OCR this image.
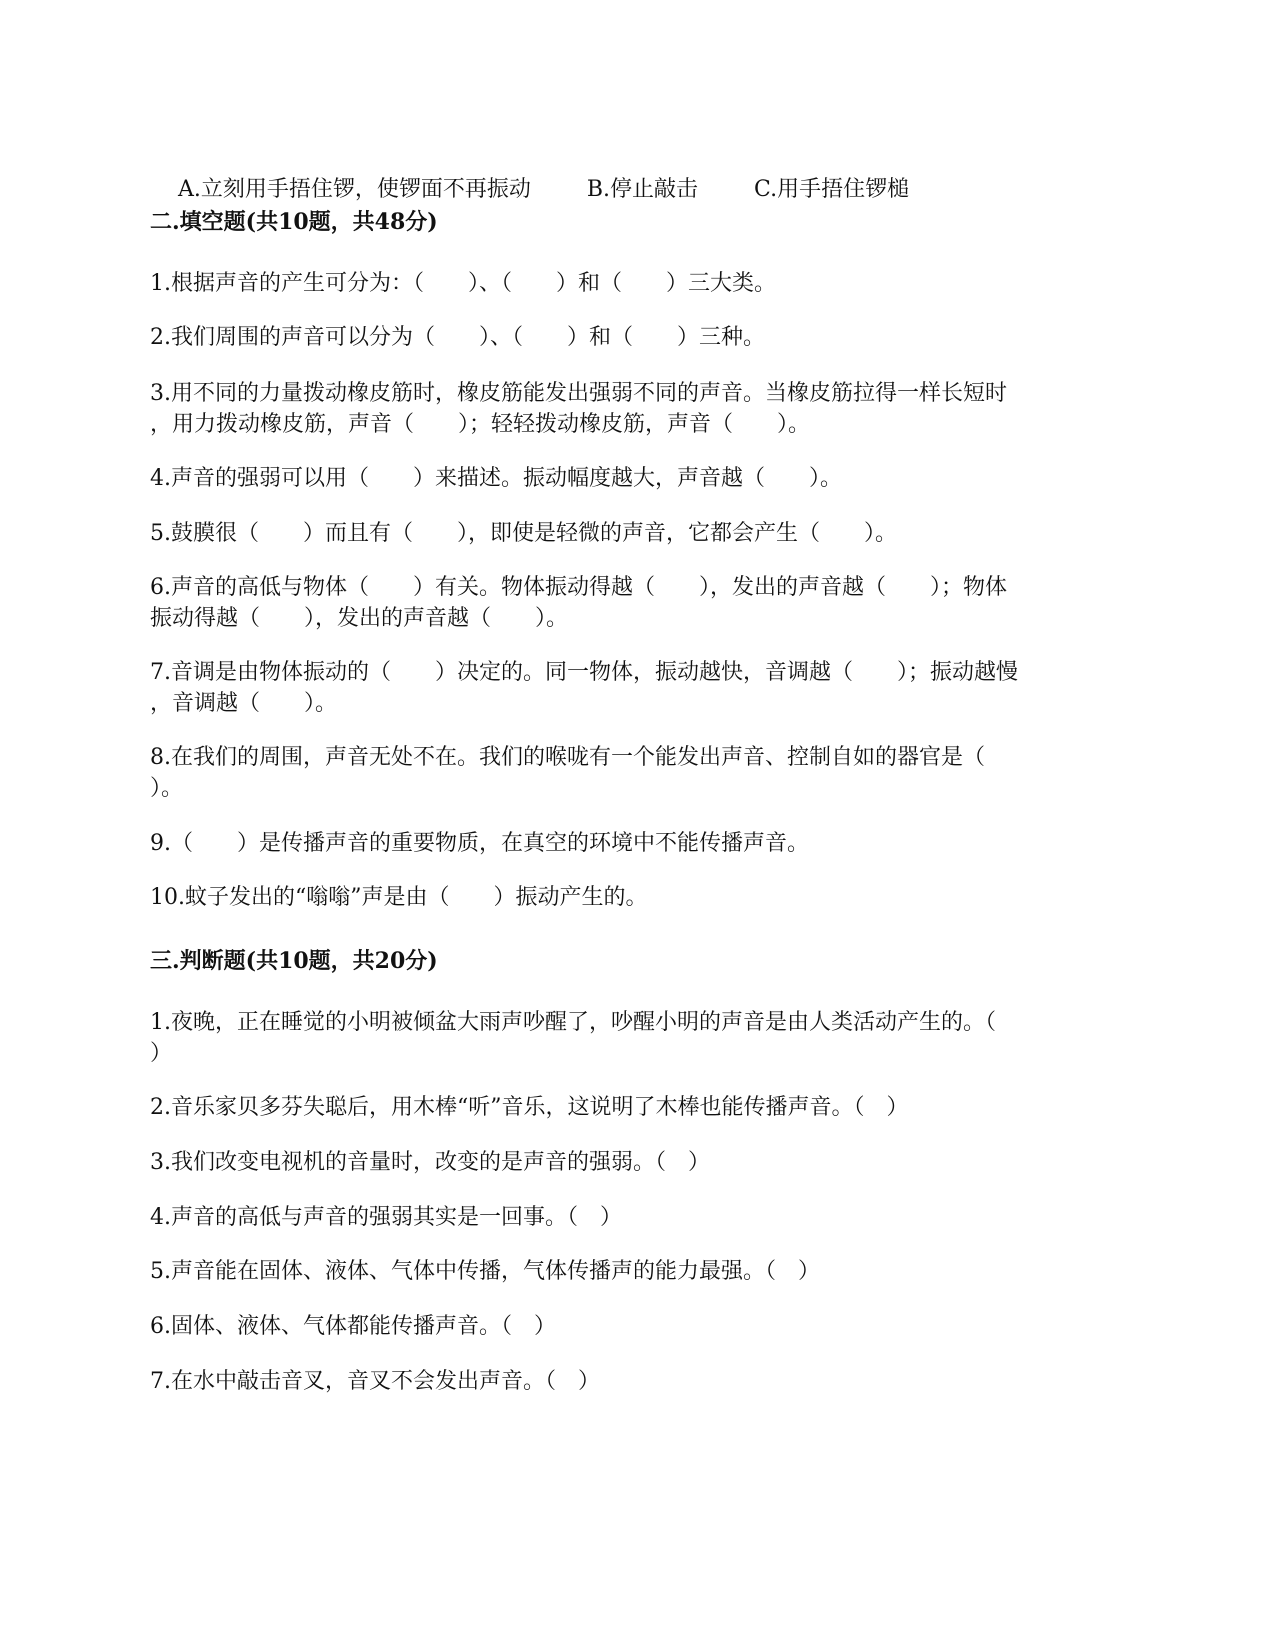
A.立刻用手捂住锣，使锣面不再振动	B.停止敲击	C.用手捂住锣槌

二.填空题(共10题，共48分)
1.根据声音的产生可分为：（　　）、（　　）和（　　）三大类。
2.我们周围的声音可以分为（　　）、（　　）和（　　）三种。
3.用不同的力量拨动橡皮筋时，橡皮筋能发出强弱不同的声音。当橡皮筋拉得一样长短时
，用力拨动橡皮筋，声音（　　）；轻轻拨动橡皮筋，声音（　　）。
4.声音的强弱可以用（　　）来描述。振动幅度越大，声音越（　　）。
5.鼓膜很（　　）而且有（　　），即使是轻微的声音，它都会产生（　　）。
6.声音的高低与物体（　　）有关。物体振动得越（　　），发出的声音越（　　）；物体
振动得越（　　），发出的声音越（　　）。
7.音调是由物体振动的（　　）决定的。同一物体，振动越快，音调越（　　）；振动越慢
，音调越（　　）。
8.在我们的周围，声音无处不在。我们的喉咙有一个能发出声音、控制自如的器官是（
）。
9.（　　）是传播声音的重要物质，在真空的环境中不能传播声音。
10.蚊子发出的“嗡嗡”声是由（　　）振动产生的。
三.判断题(共10题，共20分)
1.夜晚，正在睡觉的小明被倾盆大雨声吵醒了，吵醒小明的声音是由人类活动产生的。（
）
2.音乐家贝多芬失聪后，用木棒“听”音乐，这说明了木棒也能传播声音。（　）
3.我们改变电视机的音量时，改变的是声音的强弱。（　）
4.声音的高低与声音的强弱其实是一回事。（　）
5.声音能在固体、液体、气体中传播，气体传播声的能力最强。（　）
6.固体、液体、气体都能传播声音。（　）
7.在水中敲击音叉，音叉不会发出声音。（　）
